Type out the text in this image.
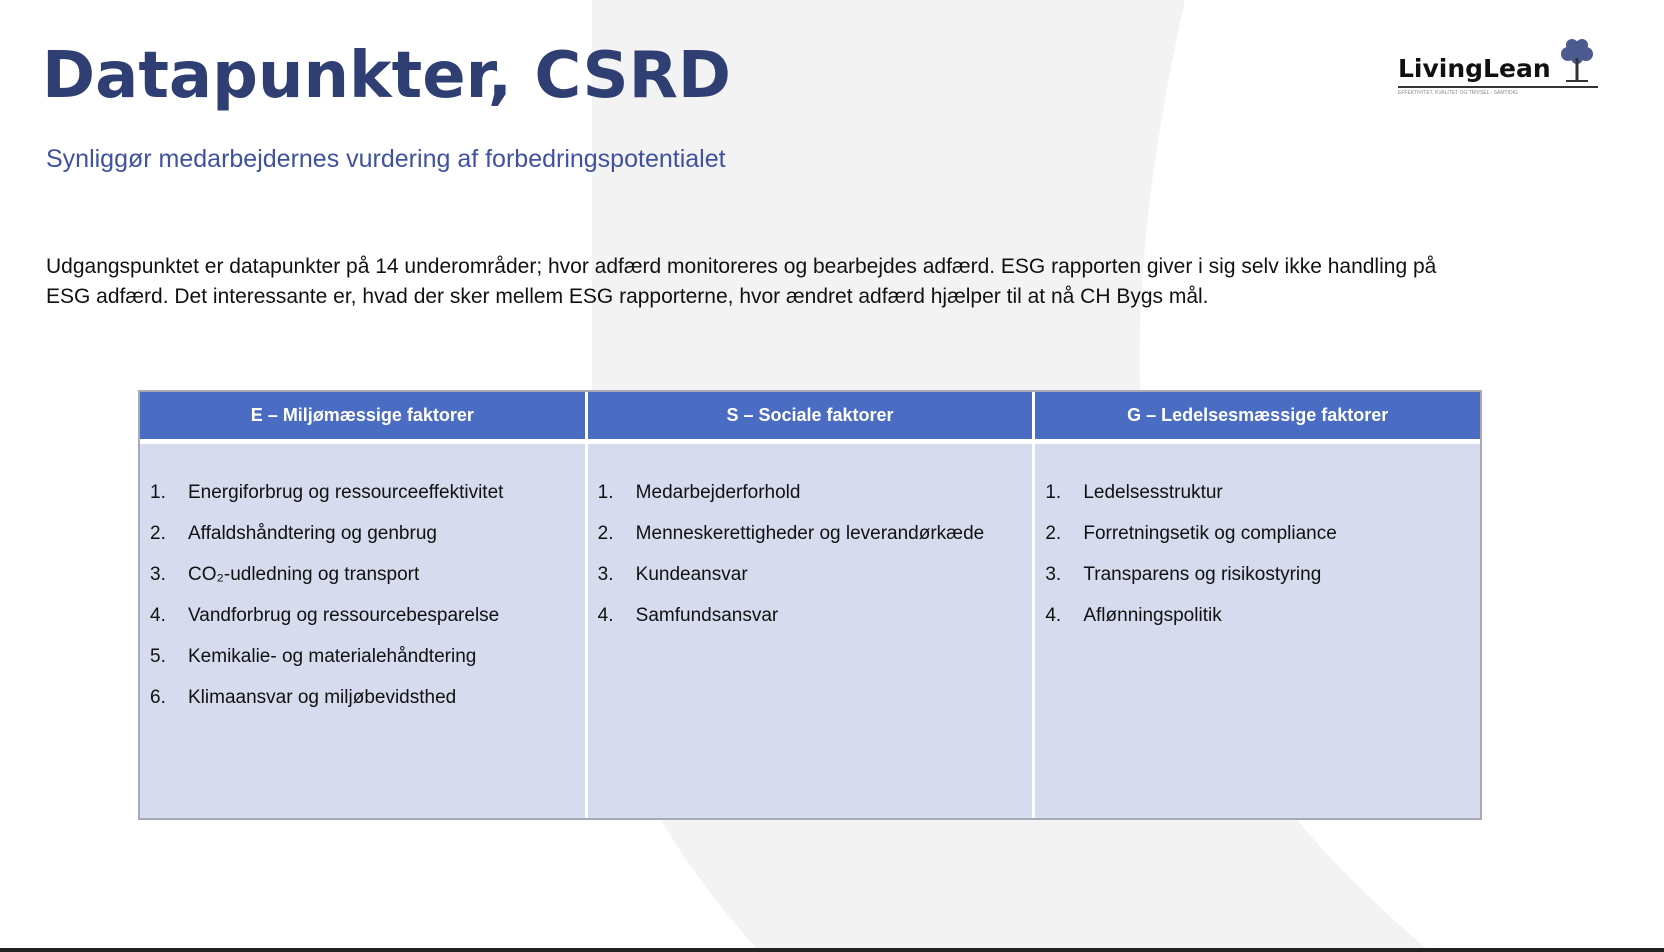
Datapunkter, CSRD
Synliggør medarbejdernes vurdering af forbedringspotentialet
Udgangspunktet er datapunkter på 14 underområder; hvor adfærd monitoreres og bearbejdes adfærd. ESG rapporten giver i sig selv ikke handling på ESG adfærd. Det interessante er, hvad der sker mellem ESG rapporterne, hvor ændret adfærd hjælper til at nå CH Bygs mål.
LivingLean
EFFEKTIVITET, KVALITET OG TRIVSEL - SAMTIDIG
E – Miljømæssige faktorer
1.	Energiforbrug og ressourceeffektivitet
2.	Affaldshåndtering og genbrug
3.	CO₂-udledning og transport
4.	Vandforbrug og ressourcebesparelse
5.	Kemikalie- og materialehåndtering
6.	Klimaansvar og miljøbevidsthed
S – Sociale faktorer
1.	Medarbejderforhold
2.	Menneskerettigheder og leverandørkæde
3.	Kundeansvar
4.	Samfundsansvar
G – Ledelsesmæssige faktorer
1.	Ledelsesstruktur
2.	Forretningsetik og compliance
3.	Transparens og risikostyring
4.	Aflønningspolitik
